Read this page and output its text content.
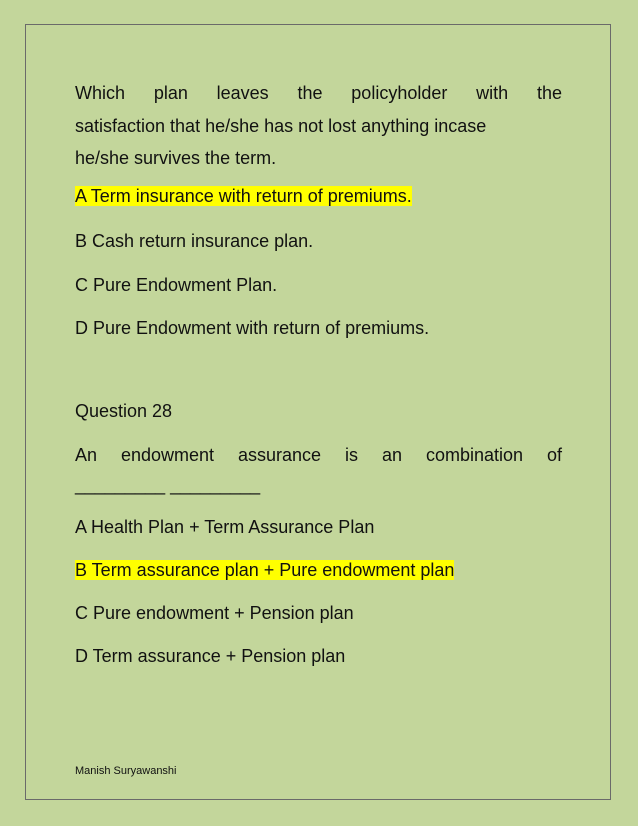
Which plan leaves the policyholder with the
satisfaction that he/she has not lost anything incase
he/she survives the term.
A Term insurance with return of premiums.
B Cash return insurance plan.
C Pure Endowment Plan.
D Pure Endowment with return of premiums.
Question 28
An endowment assurance is an combination of
_________ _________
A Health Plan + Term Assurance Plan
B Term assurance plan + Pure endowment plan
C Pure endowment + Pension plan
D Term assurance + Pension plan
Manish Suryawanshi
